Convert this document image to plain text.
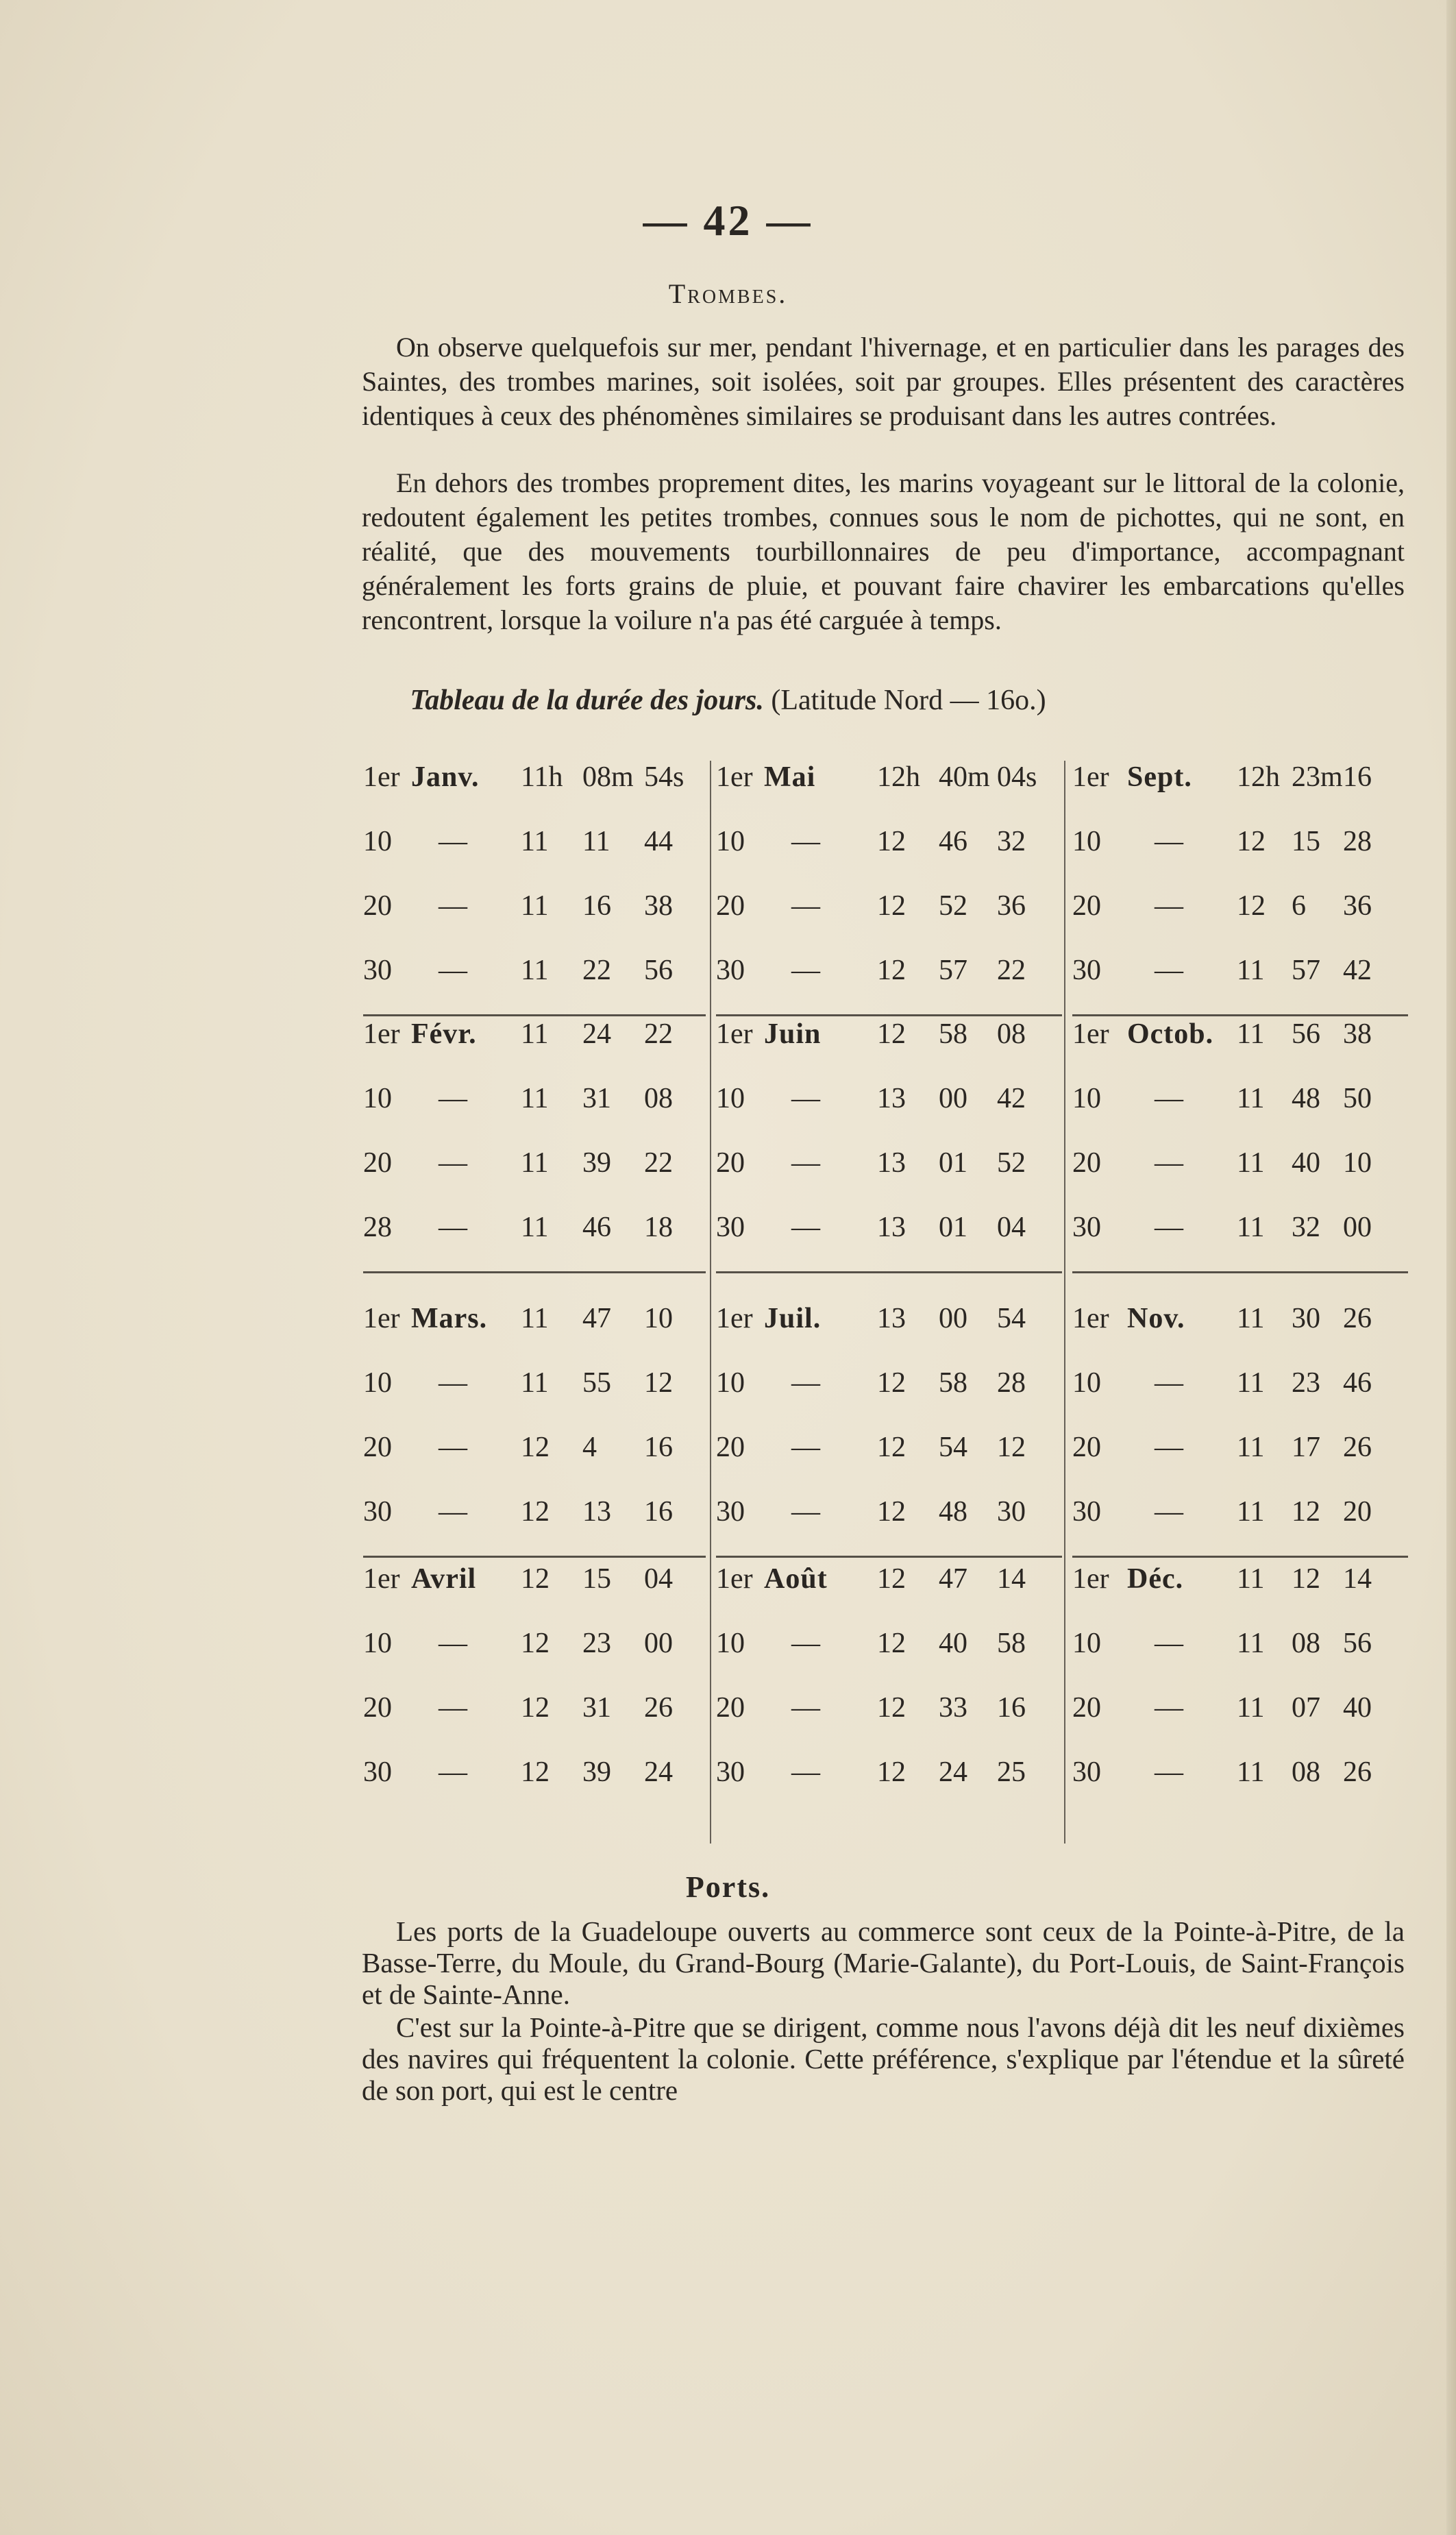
— 42 —
Trombes.

On observe quelquefois sur mer, pendant l'hivernage, et en particulier dans les parages des Saintes, des trombes marines, soit isolées, soit par groupes. Elles présentent des caractères identiques à ceux des phénomènes similaires se produisant dans les autres contrées.

En dehors des trombes proprement dites, les marins voyageant sur le littoral de la colonie, redoutent également les petites trombes, connues sous le nom de pichottes, qui ne sont, en réalité, que des mouvements tourbillonnaires de peu d'importance, accompagnant généralement les forts grains de pluie, et pouvant faire chavirer les embarcations qu'elles rencontrent, lorsque la voilure n'a pas été carguée à temps.

Tableau de la durée des jours. (Latitude Nord — 16o.)
1er Janv. 11h 08m 54s
10 — 11 11 44
20 — 11 16 38
30 — 11 22 56
1er Févr. 11 24 22
10 — 11 31 08
20 — 11 39 22
28 — 11 46 18
1er Mars. 11 47 10
10 — 11 55 12
20 — 12 4 16
30 — 12 13 16
1er Avril 12 15 04
10 — 12 23 00
20 — 12 31 26
30 — 12 39 24
1er Mai 12h 40m 04s
10 — 12 46 32
20 — 12 52 36
30 — 12 57 22
1er Juin 12 58 08
10 — 13 00 42
20 — 13 01 52
30 — 13 01 04
1er Juil. 13 00 54
10 — 12 58 28
20 — 12 54 12
30 — 12 48 30
1er Août 12 47 14
10 — 12 40 58
20 — 12 33 16
30 — 12 24 25
1er Sept. 12h 23m 16
10 — 12 15 28
20 — 12 6 36
30 — 11 57 42
1er Octob. 11 56 38
10 — 11 48 50
20 — 11 40 10
30 — 11 32 00
1er Nov. 11 30 26
10 — 11 23 46
20 — 11 17 26
30 — 11 12 20
1er Déc. 11 12 14
10 — 11 08 56
20 — 11 07 40
30 — 11 08 26
Ports.

Les ports de la Guadeloupe ouverts au commerce sont ceux de la Pointe-à-Pitre, de la Basse-Terre, du Moule, du Grand-Bourg (Marie-Galante), du Port-Louis, de Saint-François et de Sainte-Anne.

C'est sur la Pointe-à-Pitre que se dirigent, comme nous l'avons déjà dit les neuf dixièmes des navires qui fréquentent la colonie. Cette préférence, s'explique par l'étendue et la sûreté de son port, qui est le centre
